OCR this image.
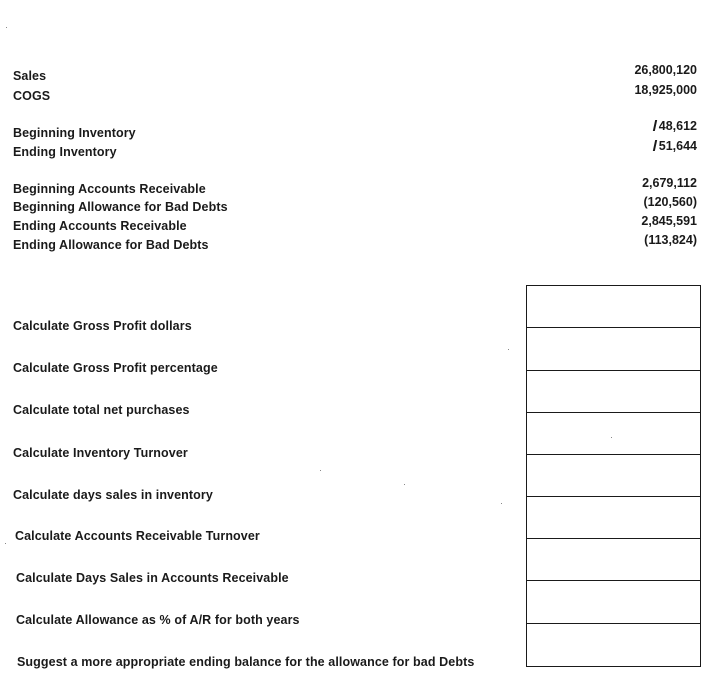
Sales	26,800,120
COGS	18,925,000
Beginning Inventory	48,612
Ending Inventory	51,644
Beginning Accounts Receivable	2,679,112
Beginning Allowance for Bad Debts	(120,560)
Ending Accounts Receivable	2,845,591
Ending Allowance for Bad Debts	(113,824)
Calculate Gross Profit dollars
Calculate Gross Profit percentage
Calculate total net purchases
Calculate Inventory Turnover
Calculate days sales in inventory
Calculate Accounts Receivable Turnover
Calculate Days Sales in Accounts Receivable
Calculate Allowance as % of A/R for both years
Suggest a more appropriate ending balance for the allowance for bad Debts
